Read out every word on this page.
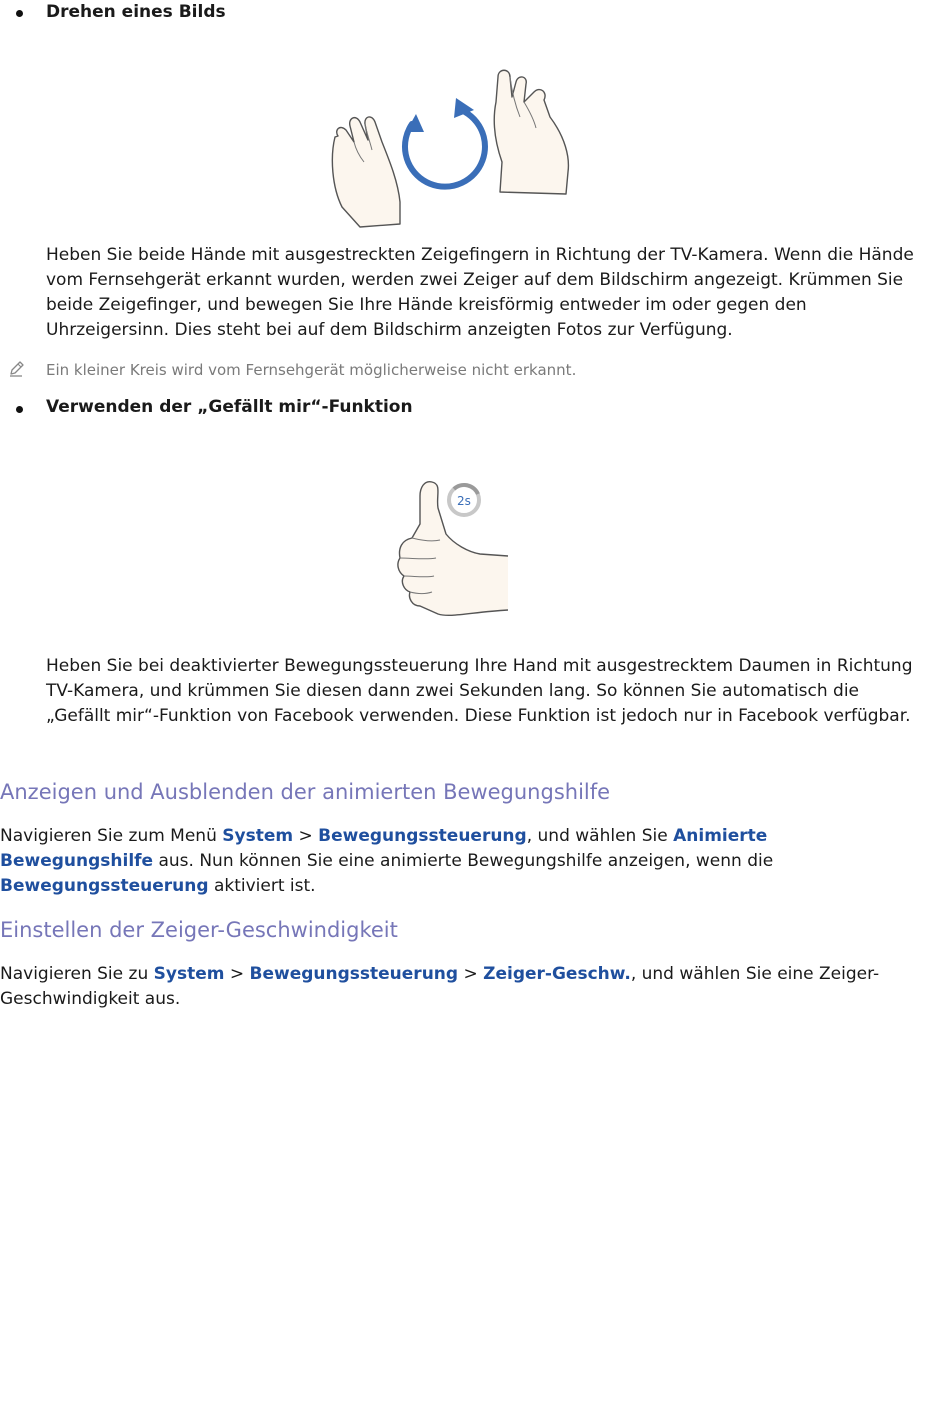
Drehen eines Bilds

Heben Sie beide Hände mit ausgestreckten Zeigefingern in Richtung der TV-Kamera. Wenn die Hände vom Fernsehgerät erkannt wurden, werden zwei Zeiger auf dem Bildschirm angezeigt. Krümmen Sie beide Zeigefinger, und bewegen Sie Ihre Hände kreisförmig entweder im oder gegen den Uhrzeigersinn. Dies steht bei auf dem Bildschirm anzeigten Fotos zur Verfügung.

Ein kleiner Kreis wird vom Fernsehgerät möglicherweise nicht erkannt.
Verwenden der „Gefällt mir“-Funktion
2s

Heben Sie bei deaktivierter Bewegungssteuerung Ihre Hand mit ausgestrecktem Daumen in Richtung TV-Kamera, und krümmen Sie diesen dann zwei Sekunden lang. So können Sie automatisch die „Gefällt mir“-Funktion von Facebook verwenden. Diese Funktion ist jedoch nur in Facebook verfügbar.

Anzeigen und Ausblenden der animierten Bewegungshilfe

Navigieren Sie zum Menü System > Bewegungssteuerung, und wählen Sie Animierte Bewegungshilfe aus. Nun können Sie eine animierte Bewegungshilfe anzeigen, wenn die Bewegungssteuerung aktiviert ist.

Einstellen der Zeiger-Geschwindigkeit

Navigieren Sie zu System > Bewegungssteuerung > Zeiger-Geschw., und wählen Sie eine Zeiger-Geschwindigkeit aus.
